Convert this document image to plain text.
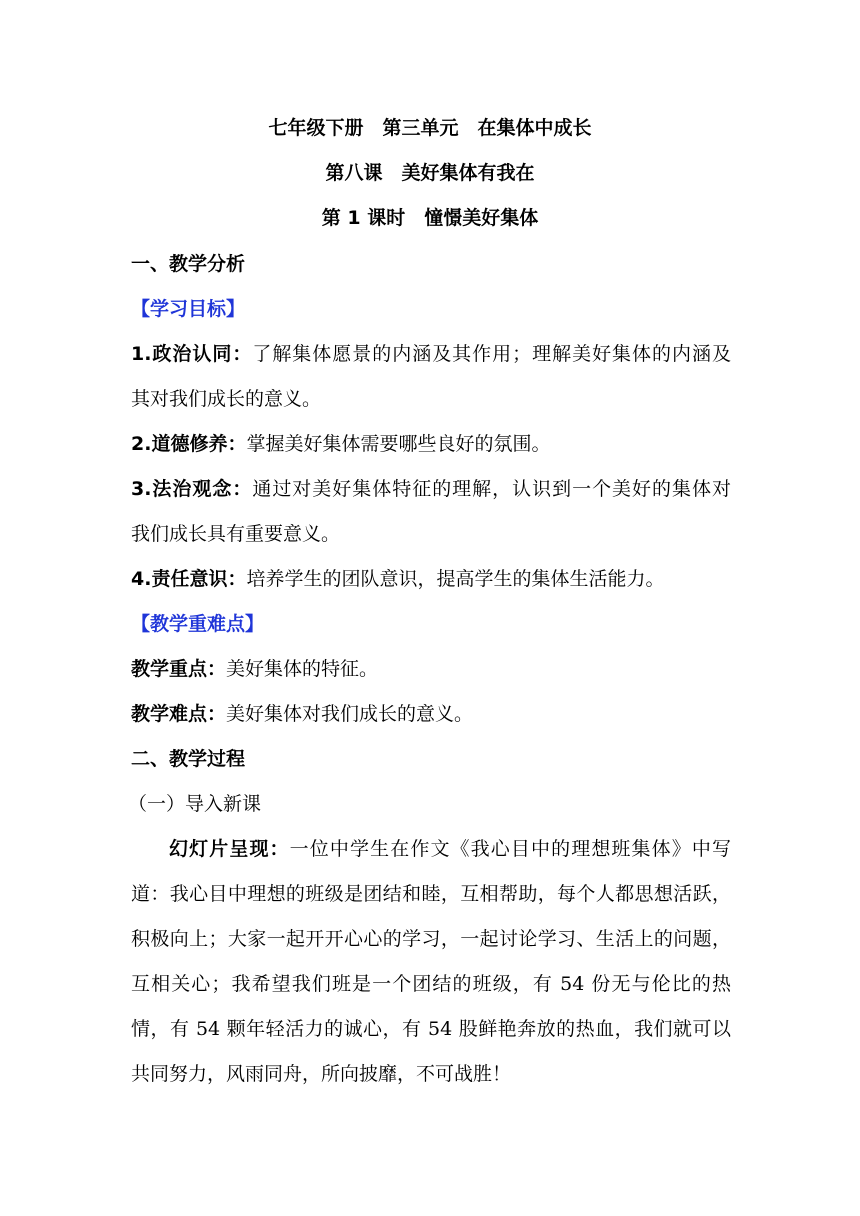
七年级下册　第三单元　在集体中成长
第八课　美好集体有我在
第 1 课时　憧憬美好集体
一、教学分析
【学习目标】
1.政治认同：了解集体愿景的内涵及其作用；理解美好集体的内涵及
其对我们成长的意义。
2.道德修养：掌握美好集体需要哪些良好的氛围。
3.法治观念：通过对美好集体特征的理解，认识到一个美好的集体对
我们成长具有重要意义。
4.责任意识：培养学生的团队意识，提高学生的集体生活能力。
【教学重难点】
教学重点：美好集体的特征。
教学难点：美好集体对我们成长的意义。
二、教学过程
（一）导入新课
幻灯片呈现：一位中学生在作文《我心目中的理想班集体》中写
道：我心目中理想的班级是团结和睦，互相帮助，每个人都思想活跃，
积极向上；大家一起开开心心的学习，一起讨论学习、生活上的问题，
互相关心；我希望我们班是一个团结的班级，有 54 份无与伦比的热
情，有 54 颗年轻活力的诚心，有 54 股鲜艳奔放的热血，我们就可以
共同努力，风雨同舟，所向披靡，不可战胜！
